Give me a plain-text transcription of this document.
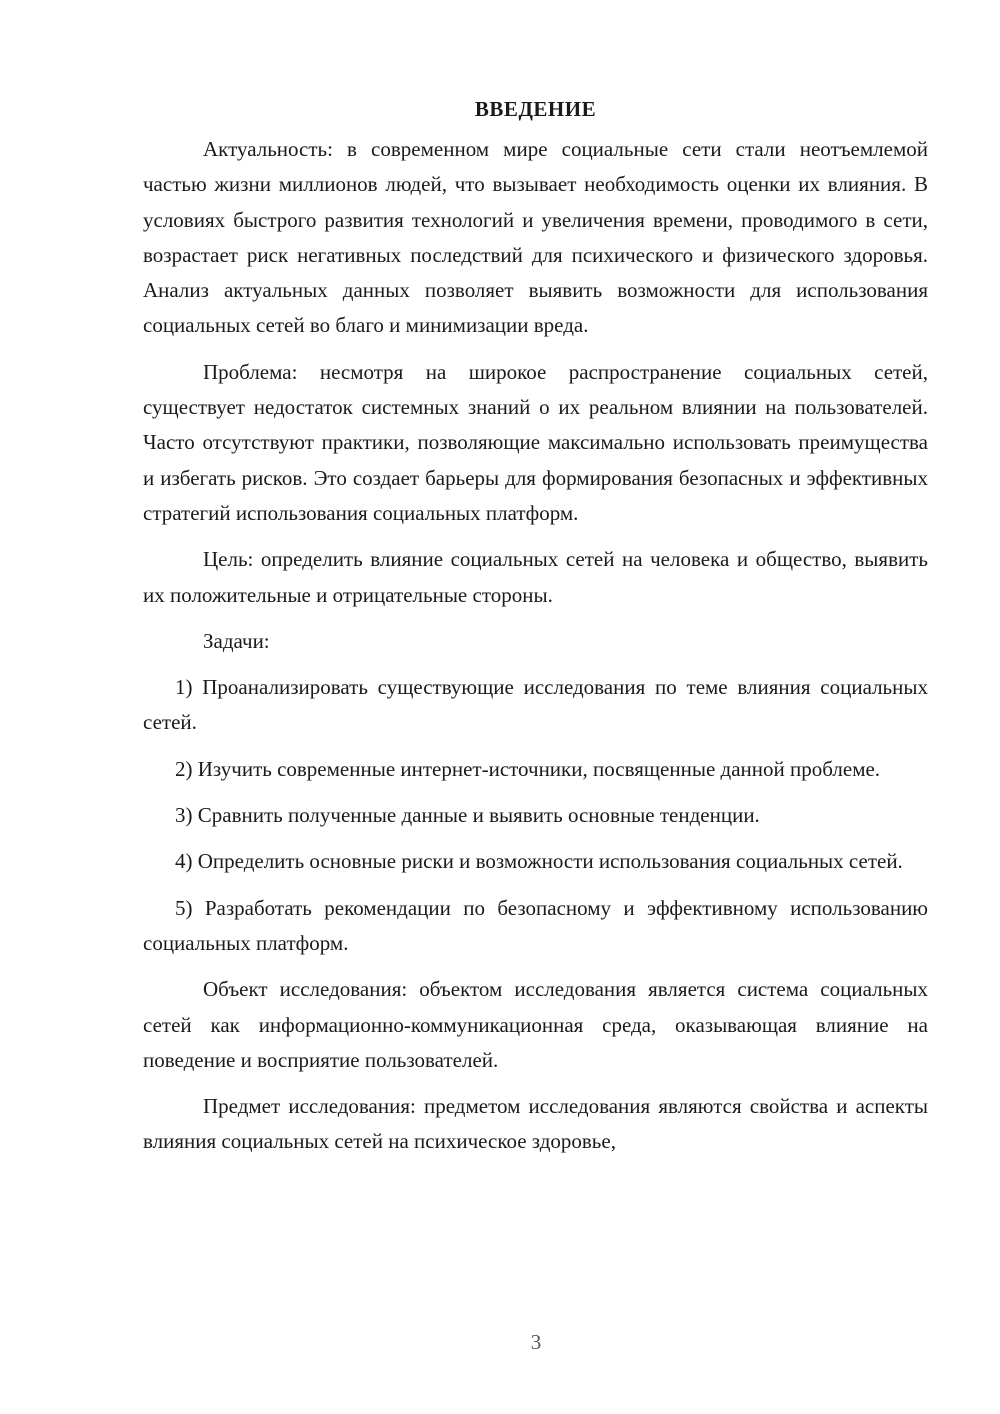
ВВЕДЕНИЕ

Актуальность: в современном мире социальные сети стали неотъемлемой частью жизни миллионов людей, что вызывает необходимость оценки их влияния. В условиях быстрого развития технологий и увеличения времени, проводимого в сети, возрастает риск негативных последствий для психического и физического здоровья. Анализ актуальных данных позволяет выявить возможности для использования социальных сетей во благо и минимизации вреда.

Проблема: несмотря на широкое распространение социальных сетей, существует недостаток системных знаний о их реальном влиянии на пользователей. Часто отсутствуют практики, позволяющие максимально использовать преимущества и избегать рисков. Это создает барьеры для формирования безопасных и эффективных стратегий использования социальных платформ.

Цель: определить влияние социальных сетей на человека и общество, выявить их положительные и отрицательные стороны.

Задачи:

1) Проанализировать существующие исследования по теме влияния социальных сетей.

2) Изучить современные интернет-источники, посвященные данной проблеме.

3) Сравнить полученные данные и выявить основные тенденции.

4) Определить основные риски и возможности использования социальных сетей.

5) Разработать рекомендации по безопасному и эффективному использованию социальных платформ.

Объект исследования: объектом исследования является система социальных сетей как информационно-коммуникационная среда, оказывающая влияние на поведение и восприятие пользователей.

Предмет исследования: предметом исследования являются свойства и аспекты влияния социальных сетей на психическое здоровье,

3
